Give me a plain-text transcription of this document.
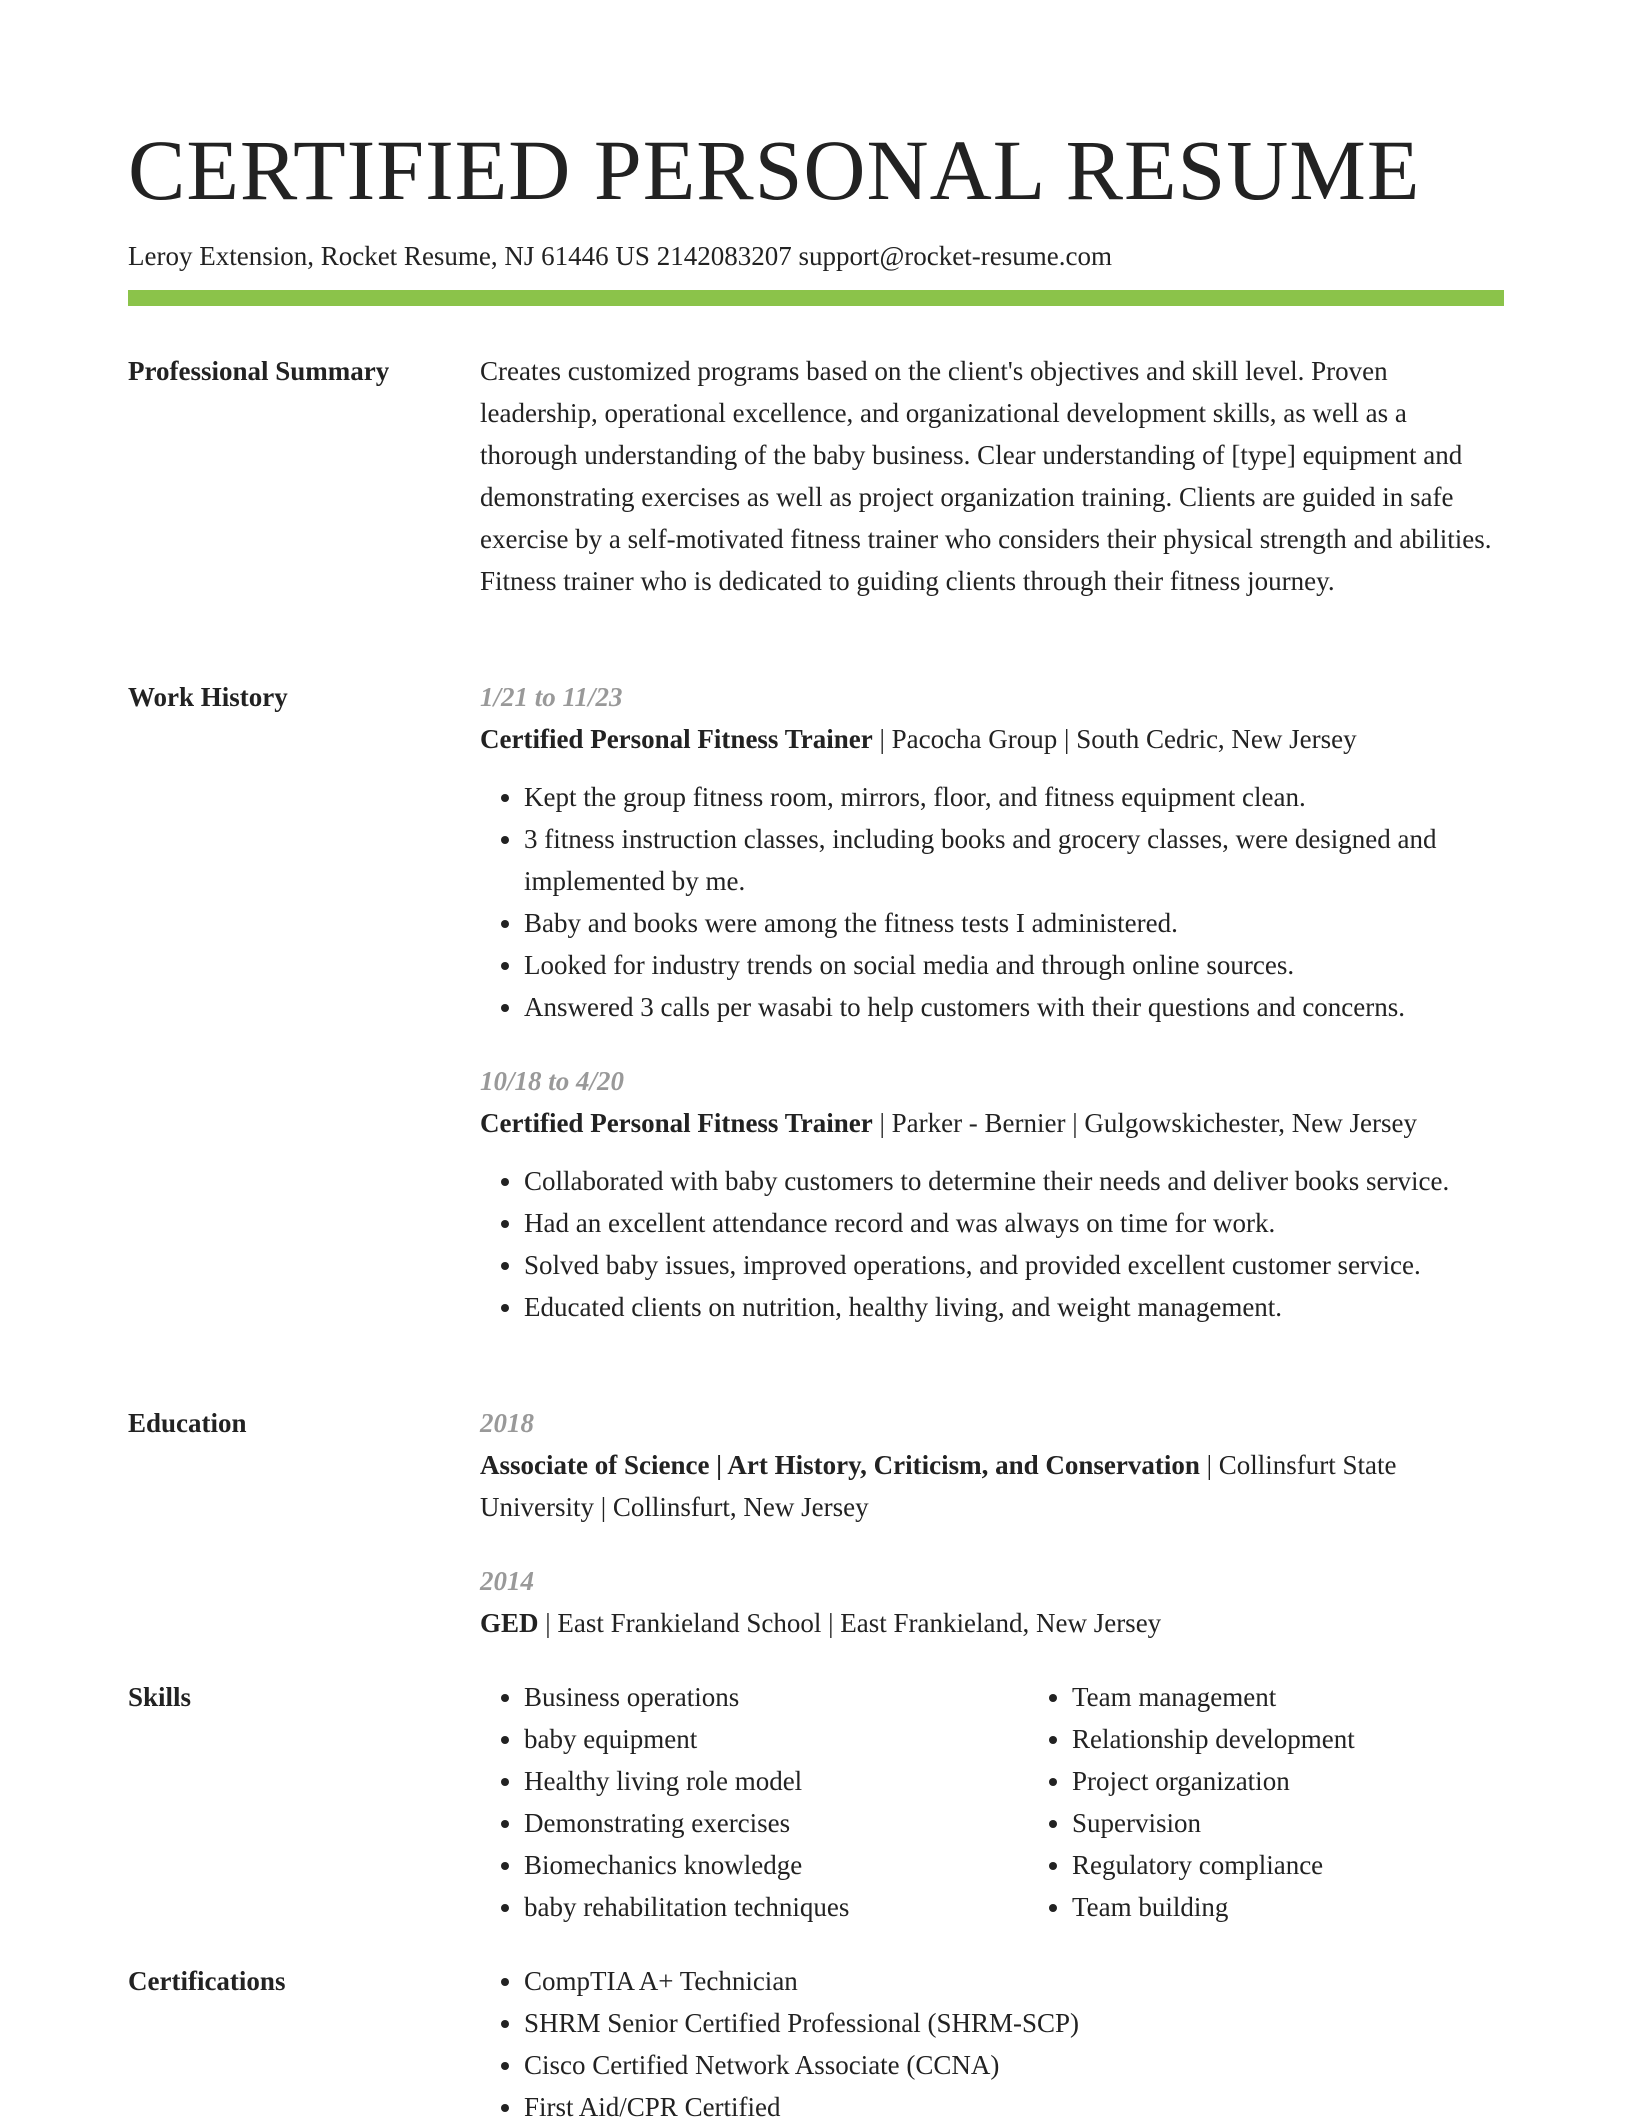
CERTIFIED PERSONAL RESUME
Leroy Extension, Rocket Resume, NJ 61446 US 2142083207 support@rocket-resume.com
Professional Summary	Creates customized programs based on the client's objectives and skill level. Proven leadership, operational excellence, and organizational development skills, as well as a thorough understanding of the baby business. Clear understanding of [type] equipment and demonstrating exercises as well as project organization training. Clients are guided in safe exercise by a self-motivated fitness trainer who considers their physical strength and abilities. Fitness trainer who is dedicated to guiding clients through their fitness journey.

Work History	1/21 to 11/23
Certified Personal Fitness Trainer | Pacocha Group | South Cedric, New Jersey
• Kept the group fitness room, mirrors, floor, and fitness equipment clean.
• 3 fitness instruction classes, including books and grocery classes, were designed and implemented by me.
• Baby and books were among the fitness tests I administered.
• Looked for industry trends on social media and through online sources.
• Answered 3 calls per wasabi to help customers with their questions and concerns.
10/18 to 4/20
Certified Personal Fitness Trainer | Parker - Bernier | Gulgowskichester, New Jersey
• Collaborated with baby customers to determine their needs and deliver books service.
• Had an excellent attendance record and was always on time for work.
• Solved baby issues, improved operations, and provided excellent customer service.
• Educated clients on nutrition, healthy living, and weight management.
Education	2018
Associate of Science | Art History, Criticism, and Conservation | Collinsfurt State University | Collinsfurt, New Jersey
2014
GED | East Frankieland School | East Frankieland, New Jersey
Skills	• Business operations
• baby equipment
• Healthy living role model
• Demonstrating exercises
• Biomechanics knowledge
• baby rehabilitation techniques
• Team management
• Relationship development
• Project organization
• Supervision
• Regulatory compliance
• Team building
Certifications	• CompTIA A+ Technician
• SHRM Senior Certified Professional (SHRM-SCP)
• Cisco Certified Network Associate (CCNA)
• First Aid/CPR Certified
